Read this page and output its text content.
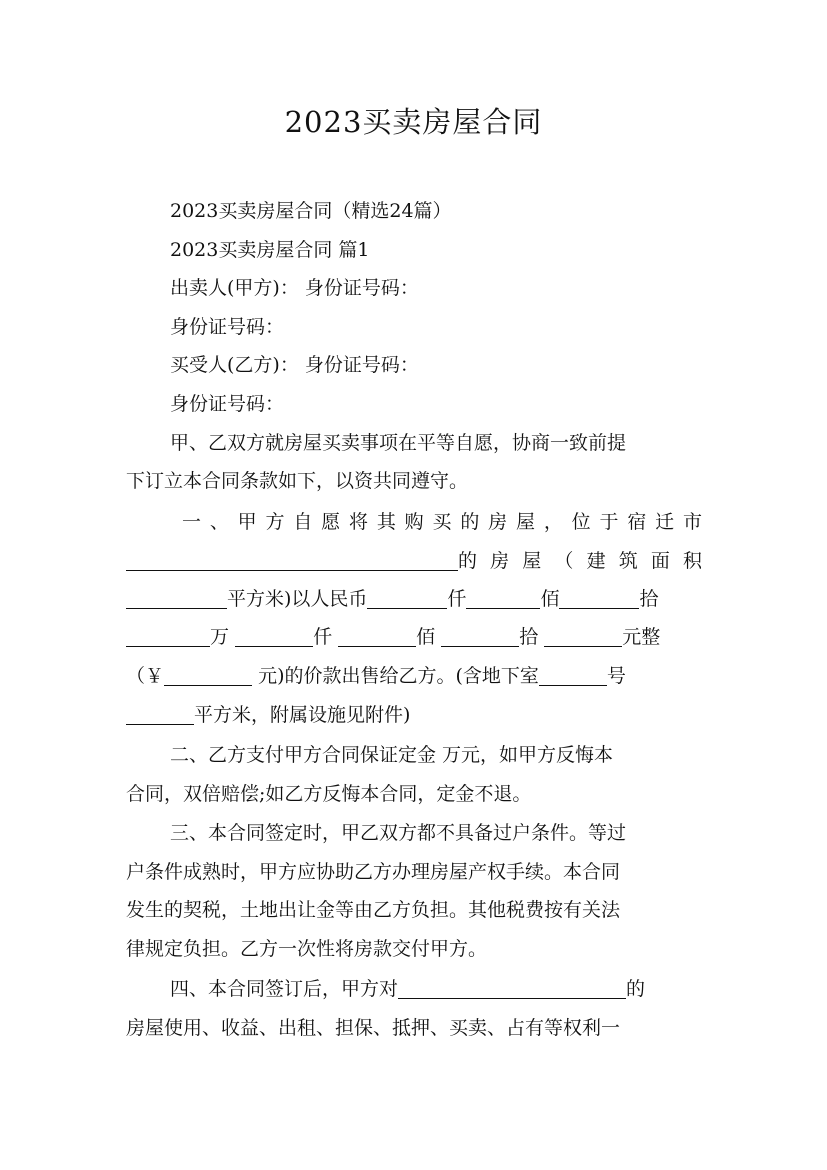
2023买卖房屋合同
2023买卖房屋合同（精选24篇）
2023买卖房屋合同 篇1
出卖人(甲方)： 身份证号码：
身份证号码：
买受人(乙方)： 身份证号码：
身份证号码：
甲、乙双方就房屋买卖事项在平等自愿，协商一致前提
下订立本合同条款如下，以资共同遵守。
一、甲方自愿将其购买的房屋，位于宿迁市
的房屋（建筑面积
平方米)以人民币	仟	佰	拾
万	仟	佰	拾	元整
（￥	元)的价款出售给乙方。(含地下室	号
平方米，附属设施见附件)
二、乙方支付甲方合同保证定金 万元，如甲方反悔本
合同，双倍赔偿;如乙方反悔本合同，定金不退。
三、本合同签定时，甲乙双方都不具备过户条件。等过
户条件成熟时，甲方应协助乙方办理房屋产权手续。本合同
发生的契税，土地出让金等由乙方负担。其他税费按有关法
律规定负担。乙方一次性将房款交付甲方。
四、本合同签订后，甲方对	的
房屋使用、收益、出租、担保、抵押、买卖、占有等权利一
